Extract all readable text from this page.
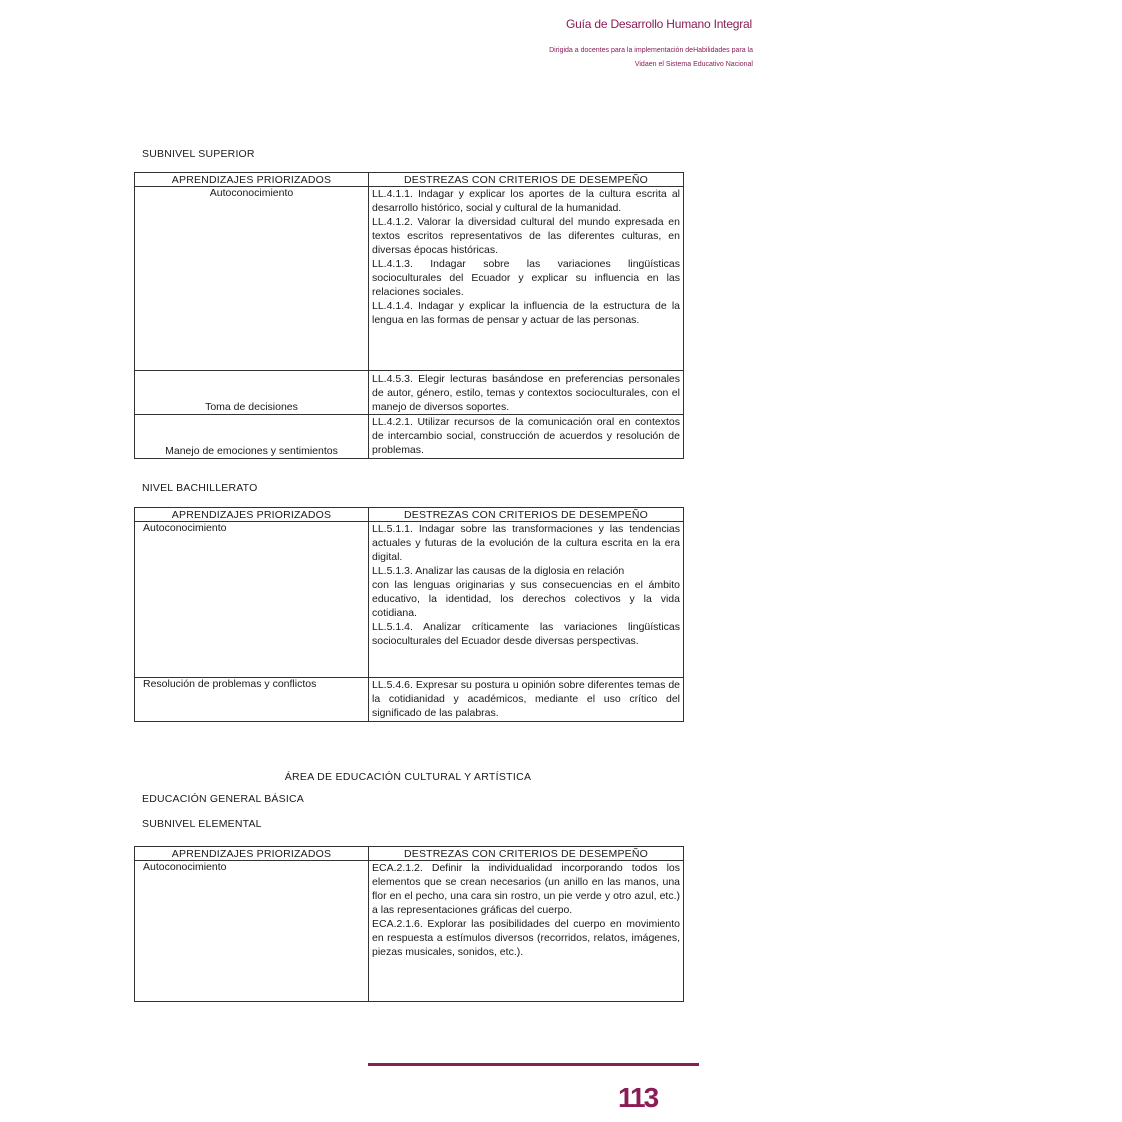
Guía de Desarrollo Humano Integral
Dirigida a docentes para la implementación deHabilidades para la
Vidaen el Sistema Educativo Nacional
SUBNIVEL SUPERIOR
APRENDIZAJES PRIORIZADOS	DESTREZAS CON CRITERIOS DE DESEMPEÑO
Autoconocimiento	LL.4.1.1. Indagar y explicar los aportes de la cultura escrita al desarrollo histórico, social y cultural de la humanidad.
LL.4.1.2. Valorar la diversidad cultural del mundo expresada en textos escritos representativos de las diferentes culturas, en diversas épocas históricas.
LL.4.1.3. Indagar sobre las variaciones lingüísticas socioculturales del Ecuador y explicar su influencia en las relaciones sociales.
LL.4.1.4. Indagar y explicar la influencia de la estructura de la lengua en las formas de pensar y actuar de las personas.

Toma de decisiones	LL.4.5.3. Elegir lecturas basándose en preferencias personales de autor, género, estilo, temas y contextos socioculturales, con el manejo de diversos soportes.

Manejo de emociones y sentimientos	LL.4.2.1. Utilizar recursos de la comunicación oral en contextos de intercambio social, construcción de acuerdos y resolución de problemas.
NIVEL BACHILLERATO
APRENDIZAJES PRIORIZADOS	DESTREZAS CON CRITERIOS DE DESEMPEÑO
Autoconocimiento	LL.5.1.1. Indagar sobre las transformaciones y las tendencias actuales y futuras de la evolución de la cultura escrita en la era digital.
LL.5.1.3. Analizar las causas de la diglosia en relación
con las lenguas originarias y sus consecuencias en el ámbito educativo, la identidad, los derechos colectivos y la vida cotidiana.
LL.5.1.4. Analizar críticamente las variaciones lingüísticas socioculturales del Ecuador desde diversas perspectivas.

Resolución de problemas y conflictos	LL.5.4.6. Expresar su postura u opinión sobre diferentes temas de la cotidianidad y académicos, mediante el uso crítico del significado de las palabras.
ÁREA DE EDUCACIÓN CULTURAL Y ARTÍSTICA
EDUCACIÓN GENERAL BÁSICA
SUBNIVEL ELEMENTAL
APRENDIZAJES PRIORIZADOS	DESTREZAS CON CRITERIOS DE DESEMPEÑO
Autoconocimiento	ECA.2.1.2. Definir la individualidad incorporando todos los elementos que se crean necesarios (un anillo en las manos, una flor en el pecho, una cara sin rostro, un pie verde y otro azul, etc.) a las representaciones gráficas del cuerpo.
ECA.2.1.6. Explorar las posibilidades del cuerpo en movimiento en respuesta a estímulos diversos (recorridos, relatos, imágenes, piezas musicales, sonidos, etc.).
113
